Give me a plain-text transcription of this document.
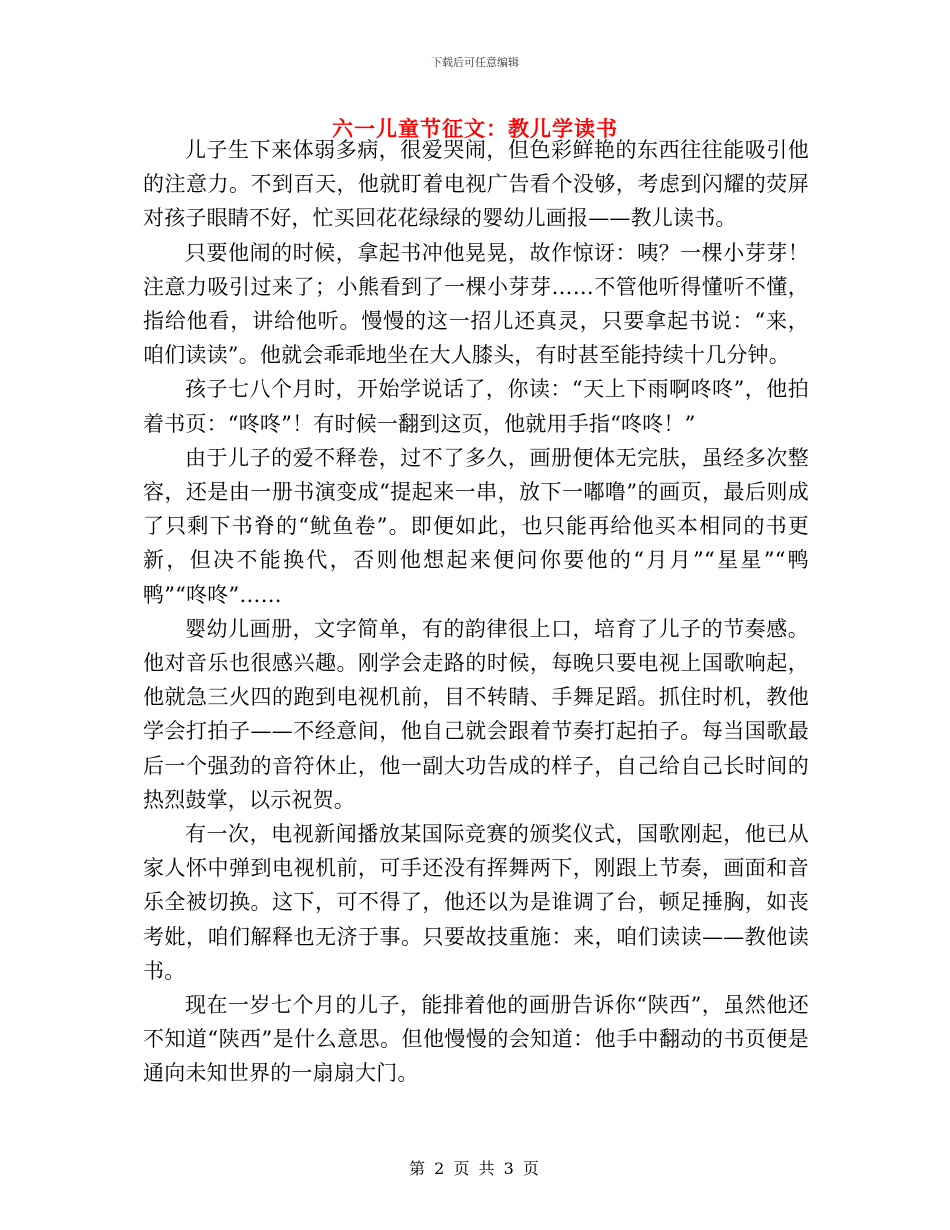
下载后可任意编辑
六一儿童节征文：教儿学读书

儿子生下来体弱多病，很爱哭闹，但色彩鲜艳的东西往往能吸引他的注意力。不到百天，他就盯着电视广告看个没够，考虑到闪耀的荧屏对孩子眼睛不好，忙买回花花绿绿的婴幼儿画报——教儿读书。

只要他闹的时候，拿起书冲他晃晃，故作惊讶：咦？一棵小芽芽！注意力吸引过来了；小熊看到了一棵小芽芽……不管他听得懂听不懂，指给他看，讲给他听。慢慢的这一招儿还真灵，只要拿起书说：“来，咱们读读”。他就会乖乖地坐在大人膝头，有时甚至能持续十几分钟。

孩子七八个月时，开始学说话了，你读：“天上下雨啊咚咚”，他拍着书页：“咚咚”！有时候一翻到这页，他就用手指“咚咚！”

由于儿子的爱不释卷，过不了多久，画册便体无完肤，虽经多次整容，还是由一册书演变成“提起来一串，放下一嘟噜”的画页，最后则成了只剩下书脊的“鱿鱼卷”。即便如此，也只能再给他买本相同的书更新，但决不能换代，否则他想起来便问你要他的“月月”“星星”“鸭鸭”“咚咚”……

婴幼儿画册，文字简单，有的韵律很上口，培育了儿子的节奏感。他对音乐也很感兴趣。刚学会走路的时候，每晚只要电视上国歌响起，他就急三火四的跑到电视机前，目不转睛、手舞足蹈。抓住时机，教他学会打拍子——不经意间，他自己就会跟着节奏打起拍子。每当国歌最后一个强劲的音符休止，他一副大功告成的样子，自己给自己长时间的热烈鼓掌，以示祝贺。

有一次，电视新闻播放某国际竞赛的颁奖仪式，国歌刚起，他已从家人怀中弹到电视机前，可手还没有挥舞两下，刚跟上节奏，画面和音乐全被切换。这下，可不得了，他还以为是谁调了台，顿足捶胸，如丧考妣，咱们解释也无济于事。只要故技重施：来，咱们读读——教他读书。

现在一岁七个月的儿子，能排着他的画册告诉你“陕西”，虽然他还不知道“陕西”是什么意思。但他慢慢的会知道：他手中翻动的书页便是通向未知世界的一扇扇大门。

第 2 页 共 3 页
